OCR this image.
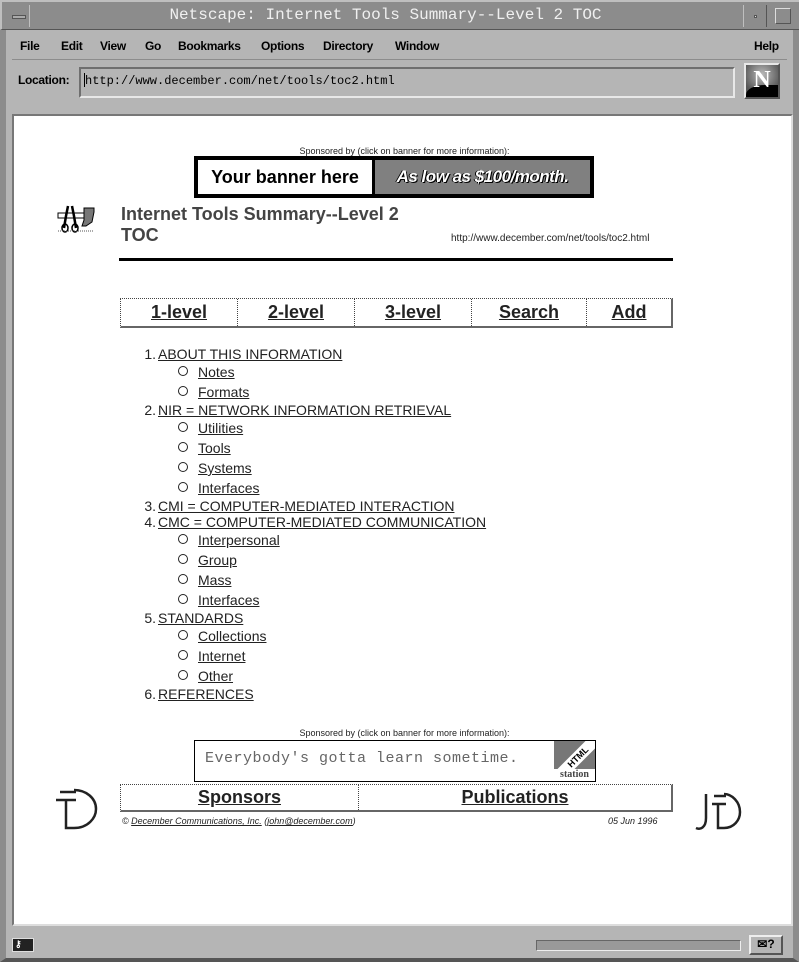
Netscape: Internet Tools Summary--Level 2 TOC
File Edit View Go Bookmarks Options Directory Window	Help
Location: http://www.december.com/net/tools/toc2.html	N
Sponsored by (click on banner for more information):
Your banner here	As low as $100/month.
Internet Tools Summary--Level 2 TOC	http://www.december.com/net/tools/toc2.html
1-level	2-level	3-level	Search	Add
1. ABOUT THIS INFORMATION
Notes
Formats
2. NIR = NETWORK INFORMATION RETRIEVAL
Utilities
Tools
Systems
Interfaces
3. CMI = COMPUTER-MEDIATED INTERACTION
4. CMC = COMPUTER-MEDIATED COMMUNICATION
Interpersonal
Group
Mass
Interfaces
5. STANDARDS
Collections
Internet
Other
6. REFERENCES
Sponsored by (click on banner for more information):
Everybody's gotta learn sometime.	HTML
station
Sponsors	Publications
© December Communications, Inc. (john@december.com)	05 Jun 1996
⚷	✉?
